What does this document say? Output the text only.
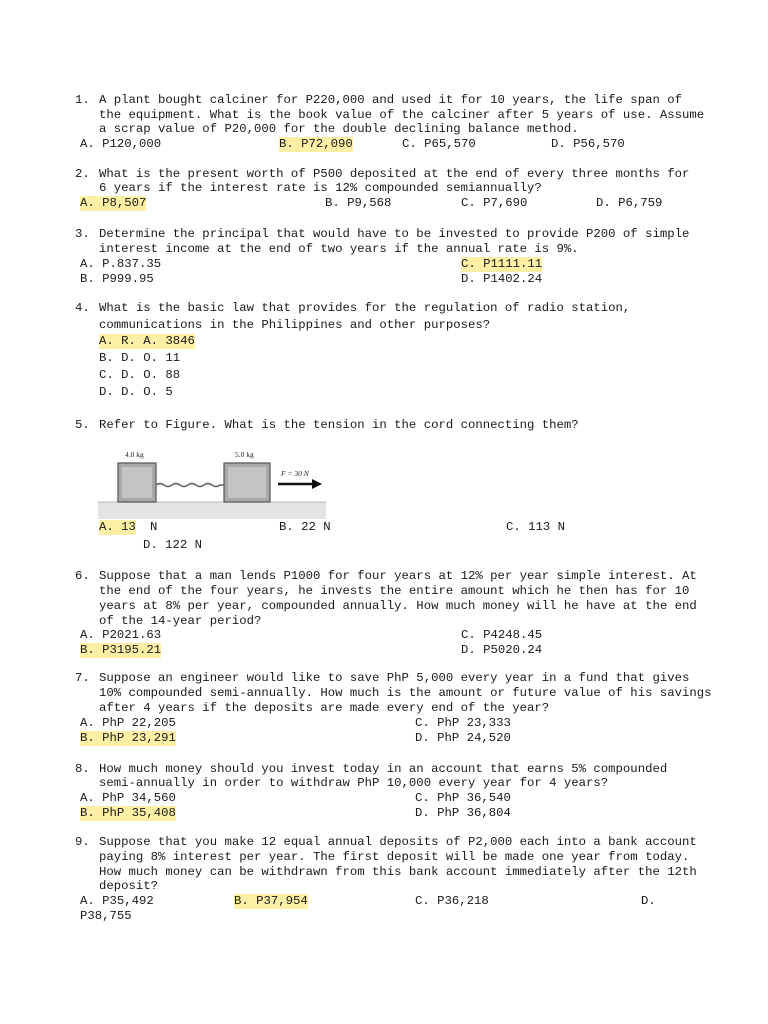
1. A plant bought calciner for P220,000 and used it for 10 years, the life span of
the equipment. What is the book value of the calciner after 5 years of use. Assume
a scrap value of P20,000 for the double declining balance method.
A. P120,000	B. P72,090	C. P65,570	D. P56,570
2. What is the present worth of P500 deposited at the end of every three months for
6 years if the interest rate is 12% compounded semiannually?
A. P8,507	B. P9,568	C. P7,690	D. P6,759
3. Determine the principal that would have to be invested to provide P200 of simple
interest income at the end of two years if the annual rate is 9%.
A. P.837.35	C. P1111.11
B. P999.95	D. P1402.24
4. What is the basic law that provides for the regulation of radio station,
communications in the Philippines and other purposes?
A. R. A. 3846
B. D. O. 11
C. D. O. 88
D. D. O. 5
5. Refer to Figure. What is the tension in the cord connecting them?
4.0 kg	5.0 kg
F = 30 N
A. 13 N	B. 22 N	C. 113 N
D. 122 N
6. Suppose that a man lends P1000 for four years at 12% per year simple interest. At
the end of the four years, he invests the entire amount which he then has for 10
years at 8% per year, compounded annually. How much money will he have at the end
of the 14-year period?
A. P2021.63	C. P4248.45
B. P3195.21	D. P5020.24
7. Suppose an engineer would like to save PhP 5,000 every year in a fund that gives
10% compounded semi-annually. How much is the amount or future value of his savings
after 4 years if the deposits are made every end of the year?
A. PhP 22,205	C. PhP 23,333
B. PhP 23,291	D. PhP 24,520
8. How much money should you invest today in an account that earns 5% compounded
semi-annually in order to withdraw PhP 10,000 every year for 4 years?
A. PhP 34,560	C. PhP 36,540
B. PhP 35,408	D. PhP 36,804
9. Suppose that you make 12 equal annual deposits of P2,000 each into a bank account
paying 8% interest per year. The first deposit will be made one year from today.
How much money can be withdrawn from this bank account immediately after the 12th
deposit?
A. P35,492	B. P37,954	C. P36,218	D.
P38,755
